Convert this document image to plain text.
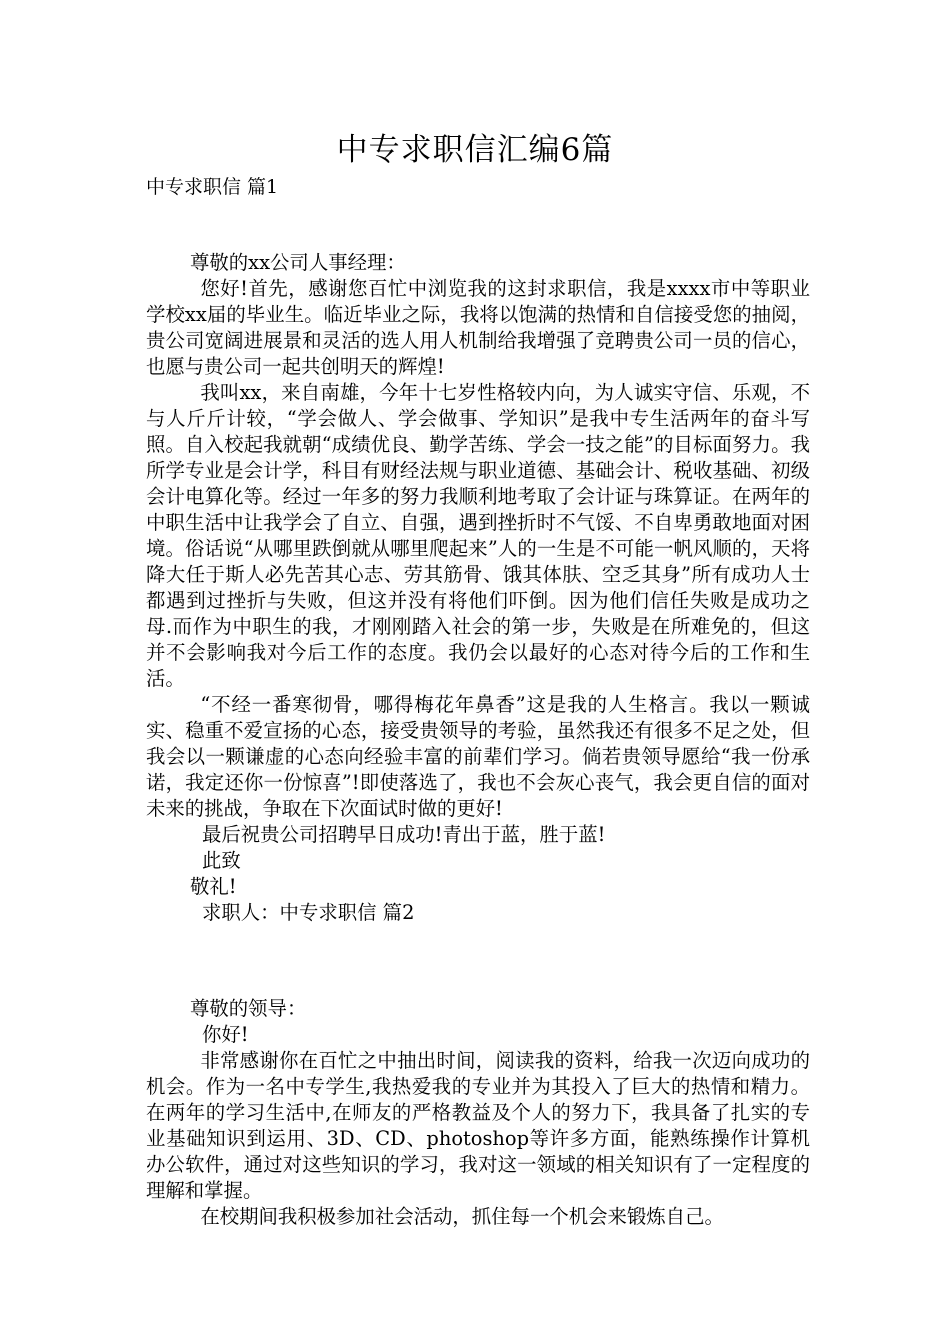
中专求职信汇编6篇
中专求职信 篇1

尊敬的xx公司人事经理：

您好!首先，感谢您百忙中浏览我的这封求职信，我是xxxx市中等职业学校xx届的毕业生。临近毕业之际，我将以饱满的热情和自信接受您的抽阅，贵公司宽阔进展景和灵活的选人用人机制给我增强了竞聘贵公司一员的信心，也愿与贵公司一起共创明天的辉煌!

我叫xx，来自南雄，今年十七岁性格较内向，为人诚实守信、乐观，不与人斤斤计较，“学会做人、学会做事、学知识”是我中专生活两年的奋斗写照。自入校起我就朝“成绩优良、勤学苦练、学会一技之能”的目标面努力。我所学专业是会计学，科目有财经法规与职业道德、基础会计、税收基础、初级会计电算化等。经过一年多的努力我顺利地考取了会计证与珠算证。在两年的中职生活中让我学会了自立、自强，遇到挫折时不气馁、不自卑勇敢地面对困境。俗话说“从哪里跌倒就从哪里爬起来”人的一生是不可能一帆风顺的，天将降大任于斯人必先苦其心志、劳其筋骨、饿其体肤、空乏其身”所有成功人士都遇到过挫折与失败，但这并没有将他们吓倒。因为他们信任失败是成功之母.而作为中职生的我，才刚刚踏入社会的第一步，失败是在所难免的，但这并不会影响我对今后工作的态度。我仍会以最好的心态对待今后的工作和生活。

“不经一番寒彻骨，哪得梅花年鼻香”这是我的人生格言。我以一颗诚实、稳重不爱宣扬的心态，接受贵领导的考验，虽然我还有很多不足之处，但我会以一颗谦虚的心态向经验丰富的前辈们学习。倘若贵领导愿给“我一份承诺，我定还你一份惊喜”!即使落选了，我也不会灰心丧气，我会更自信的面对未来的挑战，争取在下次面试时做的更好!

最后祝贵公司招聘早日成功!青出于蓝，胜于蓝!

此致

敬礼!

求职人：中专求职信 篇2

尊敬的领导：

你好!

非常感谢你在百忙之中抽出时间，阅读我的资料，给我一次迈向成功的机会。作为一名中专学生,我热爱我的专业并为其投入了巨大的热情和精力。在两年的学习生活中,在师友的严格教益及个人的努力下，我具备了扎实的专业基础知识到运用、3D、CD、photoshop等许多方面，能熟练操作计算机办公软件，通过对这些知识的学习，我对这一领域的相关知识有了一定程度的理解和掌握。

在校期间我积极参加社会活动，抓住每一个机会来锻炼自己。
